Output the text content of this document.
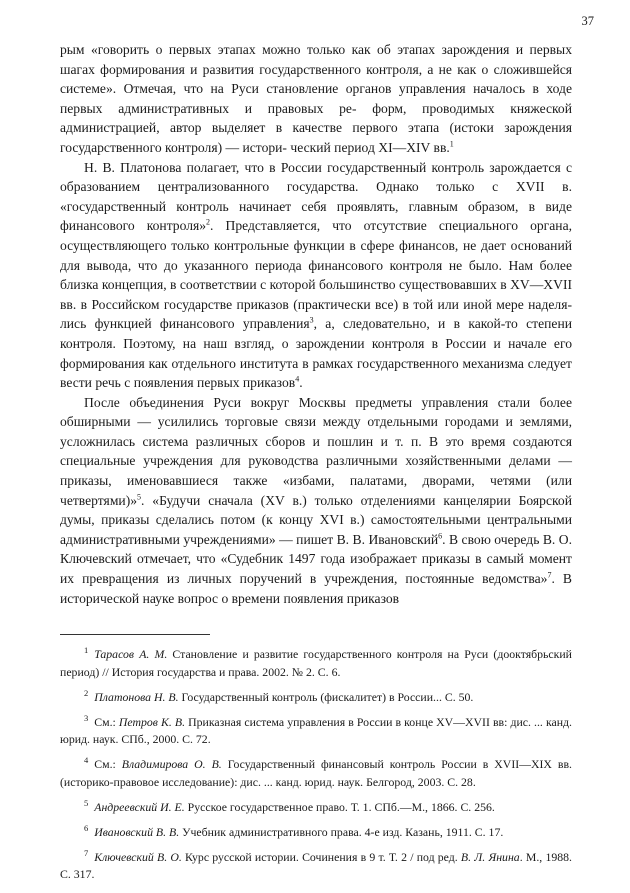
37

рым «говорить о первых этапах можно только как об этапах зарождения и первых шагах формирования и развития государственного контроля, а не как о сложившейся системе». Отмечая, что на Руси становление органов управления началось в ходе первых административных и правовых ре- форм, проводимых княжеской администрацией, автор выделяет в качестве первого этапа (истоки зарождения государственного контроля) — истори- ческий период XI—XIV вв.$^1$

Н. В. Платонова полагает, что в России государственный контроль зарождается с образованием централизованного государства. Однако только с XVII в. «государственный контроль начинает себя проявлять, главным образом, в виде финансового контроля»$^2$. Представляется, что отсутствие специального органа, осуществляющего только контрольные функции в сфере финансов, не дает оснований для вывода, что до указанного периода финансового контроля не было. Нам более близка концепция, в соответствии с которой большинство существовавших в XV—XVII вв. в Российском государстве приказов (практически все) в той или иной мере наделялись функцией финансового управления$^3$, а, следовательно, и в какой-то степени контроля. Поэтому, на наш взгляд, о зарождении контроля в России и начале его формирования как отдельного института в рамках государственного механизма следует вести речь с появления первых приказов$^4$.

После объединения Руси вокруг Москвы предметы управления стали более обширными — усилились торговые связи между отдельными городами и землями, усложнилась система различных сборов и пошлин и т. п. В это время создаются специальные учреждения для руководства различными хозяйственными делами — приказы, именовавшиеся также «избами, палатами, дворами, четями (или четвертями)»$^5$. «Будучи сначала (XV в.) только отделениями канцелярии Боярской думы, приказы сделались потом (к концу XVI в.) самостоятельными центральными административными учреждениями» — пишет В. В. Ивановский$^6$. В свою очередь В. О. Ключевский отмечает, что «Судебник 1497 года изображает приказы в самый момент их превращения из личных поручений в учреждения, постоянные ведомства»$^7$. В исторической науке вопрос о времени появления приказов

$^1$ Тарасов А. М. Становление и развитие государственного контроля на Руси (дооктябрьский период) // История государства и права. 2002. № 2. С. 6.

$^2$ Платонова Н. В. Государственный контроль (фискалитет) в России... С. 50.

$^3$ См.: Петров К. В. Приказная система управления в России в конце XV—XVII вв: дис. ... канд. юрид. наук. СПб., 2000. С. 72.

$^4$ См.: Владимирова О. В. Государственный финансовый контроль России в XVII—XIX вв. (историко-правовое исследование): дис. ... канд. юрид. наук. Белгород, 2003. С. 28.

$^5$ Андреевский И. Е. Русское государственное право. Т. 1. СПб.—М., 1866. С. 256.

$^6$ Ивановский В. В. Учебник административного права. 4-е изд. Казань, 1911. С. 17.

$^7$ Ключевский В. О. Курс русской истории. Сочинения в 9 т. Т. 2 / под ред. В. Л. Янина. М., 1988. С. 317.
